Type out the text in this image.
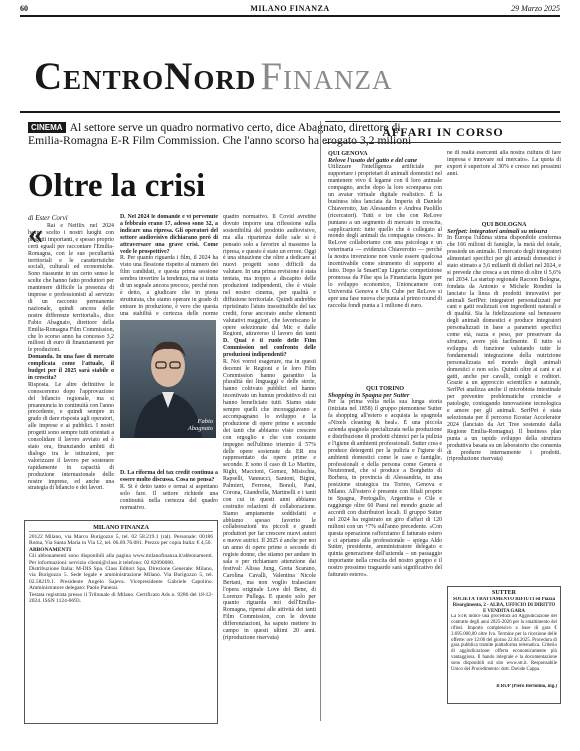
60	MILANO FINANZA	29 Marzo 2025
CentroNord Finanza
CINEMA Al settore serve un quadro normativo certo, dice Abagnato, direttore di Emilia-Romagna E-R Film Commission. Che l'anno scorso ha erogato 3,2 milioni
Oltre la crisi
di Ester Corvi
« Rai e Netflix nel 2024 hanno scelto i nostri luoghi con progetti importanti, e spesso proprio certi eguali per raccontare l'Emilia-Romagna, con le sue peculiarità territoriali e le caratteristiche sociali, culturali ed economiche. Sono riassunte in un certo senso le scelte che hanno fatto produttori per mantenere difficile la presenza di imprese e professionisti al servizio di un racconto permanente nazionale, quindi ancora delle nostre differenze territoriali», dice Fabio Abagnato, direttore della Emilia-Romagna Film Commission, che lo scorso anno ha concesso 3,2 milioni di euro di finanziamenti per le produzioni.

Domanda. In una fase di mercato complicata come l'attuale, il budget per il 2025 sarà stabile o in crescita?

Risposta. Le altre definitive le conosceremo dopo l'approvazione del bilancio regionale, ma si preannuncia in continuità con l'anno precedente, e quindi sempre in grado di dare risposta agli operatori, alle imprese e ai pubblici. I nostri progetti sono sempre tutti orientati a consolidare il lavoro avviato ed è stato ora, finanziando ambiti di dialogo tra le istituzioni, per valorizzare il lavoro per sostenere rapidamente in capacità di produzione internazionale delle nostre imprese, ed anche una strategia di bilancio e dei lavori.

D. Nel 2024 le domande e vi pervenute a febbraio erano 17, adesso sono 32, a indicare una ripresa. Gli operatori del settore audiovisivo dichiarano però di attraversare una grave crisi. Come vede le prospettive?

R. Per quanto riguarda i film, il 2024 ha visto una flessione rispetto al numero dei film candidati, e questa prima sessione sembra invertire la tendenza, ma si tratta di un segnale ancora precoce, perché non è detto, a giudicare che in piena strutturata, che siamo operare in grado di entrare in produzione, è vero che questa una stabilità e certezza delle norme

Fabio Abagnato

D. La riforma del tax credit continua a essere molto discussa. Cosa ne pensa?

R. Si è detto tanto e ormai si aspettano solo fare. Il settore richiede una continuità nella certezza del quadro normativo.

quadro normativo. Il Covid avrebbe dovuto imporre una riflessione sulla sostenibilità del prodotto audiovisivo, ma alla ripartenza delle sale si è pensato solo a favorire al massimo la ripresa, e questo è stato un errore. Oggi è una situazione che oltre a dedicare ai nuovi progetti sono difficili da valutare. In una prima revisione è stata tentata, ma troppo a discapito delle produzioni indipendenti, che è vitale nel nostro cinema, per qualità e diffusione territoriale. Quindi andrebbe ripristinato l'aiuto insostituibile del tax credit, forse ancorato anche elementi valutativi maggiori, che favoriscano le opere selezionate dal Mic e dalle Regioni, attraverso il lavoro dei tanti

D. Qual è il ruolo delle Film Commission nel confronto delle produzioni indipendenti?

R. Noi vorrei esagerare, ma in questi decenni le Regioni e le loro Film Commission hanno garantito la pluralità dei linguaggi e delle storie, hanno coltivato pubblici ed hanno incentivato un humus produttivo di cui hanno beneficiato tutti. Siamo state sempre quelli che incoraggiavano e accompagnano lo sviluppo e la produzione di opere prime e seconde dei tanti che abbiamo visto crescere con orgoglio e che con costante impegno nell'ultimo triennio il 57% delle opere sostenute da ER era rappresentato da opere prime e seconde. E sono il caso di Lo Martire, Righi, Maccioni, Gomez, Misischia, Rapselli, Vannucci, Santoni, Bigini, Palmieri, Ferrone, Bonoli, Pani, Corona, Giandrella, Martinelli e i tanti con cui in questi anni abbiamo costruito relazioni di collaborazione. Siamo ampiamente soddisfatti e abbiamo spesso favorito le collaborazioni tra piccoli e grandi produttori per far crescere nuovi autori e nuove autrici. Il 2025 è anche per noi un anno di opere prime o seconde di registe donne, che stiamo per andare in sala o per richiamare attenzione dai festival: Alissa Jung, Greta Scarano, Carolina Cavalli, Valentina Nicole Bertani, ma non voglio tralasciare l'opera originale Love del Bene, di Lorenzo Pullega. E questo solo per quanto riguarda noi dell'Emilia-Romagna, ripensi alle attività dei tanti Film Commission, con le dovute differenziazioni, ha saputo mettere in campo in questi ultimi 20 anni. (riproduzione riservata)

MILANO FINANZA

20122 Milano, via Marco Burigozzo 5, tel. 02 58.219.1 (ral). Personale: 00186 Roma, Via Santa Maria in Via 12, tel. 06.69.76.081. Prezzo per copia Italia: € 4,50.

ABBONAMENTI

Gli abbonamenti sono disponibili alla pagina www.milanofinanza.it/abbonamenti. Per informazioni: servizio clienti@class.it telefono: 02 82090080.

Distribuzione Italia: M-DIS Spa. Class Editori Spa, Direzione Generale: Milano, via Burigozzo 5. Sede legale e amministrazione Milano. Via Burigozzo 5, tel. 02.58219.1. Presidente Angelo Sajeva. Vicepresidente Gabriele Capolino. Amministratore delegato: Paolo Panerai.

Testata registrata presso il Tribunale di Milano. Certificato Ads n. 9286 del 18-12-2024. ISSN 1124-6693.

AFFARI IN CORSO
QUI GENOVA
Relove l'usato del gatto e del cane

Utilizzare l'intelligenza artificiale per supportare i proprietari di animali domestici nel mantenere vivo il legame con il loro animale compagno, anche dopo la loro scomparsa con un avatar virtuale digitale realistico. È la business idea lanciata da Imperia di Daniele Chiaverotto, Jan Alessandro e Andrea Paolillo (ricercatori). Tutti e tre che con ReLove puntano a un segmento di mercato in crescita, «applicazioni: tutto quello che è collegato al mondo degli animali da compagnia cresce». In ReLove collaboriamo con una psicologa e un veterinaria — evidenzia Chiaverotto — perché la nostra invenzione non vuole essere qualcosa incentivabile come strumento di supporto al lutto. Dopo la SmartCup Liguria: competizione promossa da Filse spa la Finanziaria ligure per lo sviluppo economico, Unioncamere con Università Genova e Ubi Cube per ReLove si apre una fase nuova che punta al primo round di raccolta fondi punta a 1 milione di euro.

ne di realtà esercenti alla nostra cultura di fare impresa e innovare sul mercato». La quota di export è superiore al 30% e cresce nei prossimi anni.

QUI TORINO
Shopping in Spagna per Sutter

Per la prima volta nella sua lunga storia (iniziata nel 1858) il gruppo piemontese Sutter fa shopping all'estero e acquista la spagnola «Nixels cleaning & heal». È una piccola azienda spagnola specializzata nella produzione e distribuzione di prodotti chimici per la pulizia e l'igiene di ambienti professionali. Sutter crea e produce detergenti per la pulizia e l'igiene di ambienti domestici come le case e famiglie, professionali e della persona come Genera e Neutromed, che si produce a Borghetto di Borbera, in provincia di Alessandria, in una posizione strategica tra Torino, Genova e Milano. All'estero è presente con filiali proprie in Spagna, Portogallo, Argentina e Cile e raggiunge oltre 60 Paesi nel mondo grazie ad accordi con distributori locali. Il gruppo Sutter nel 2024 ha registrato un giro d'affari di 120 milioni con un +7% sull'anno precedente. «Con questa operazione rafforziamo il fatturato estero e ci apriamo alla professionale – spiega Aldo Sutter, presidente, amministratore delegato e quinta generazione dell'azienda – un passaggio importante nella crescita del nostro gruppo e il nostro prossimo traguardo sarà significativo del fatturato estero».

QUI BOLOGNA
Serfpet: integratori animali su misura

In Europa l'ultima stima disponibile conferma che 166 milioni di famiglie, la metà del totale, possiede un animale. Il mercato degli integratori alimentari specifici per gli animali domestici è stato stimato a 3,6 miliardi di dollari nel 2024, e si prevede che cresca a un ritmo di oltre il 5,6% nel 2034. La startup regionale Racoon Bologna, fondata da Antonio e Michele Rondini la lanciato la linea di prodotti innovativi per animali SerfPet: integratori personalizzati per cani e gatti realizzati con ingredienti naturali e di qualità. Sia la fidelizzazione sul benessere degli animali domestici e produce integratori personalizzati in base a parametri specifici come età, razza e peso, per preservare da sfruttare, avere più facilmente. Il tutto si sviluppa di funzione valutando tutte le fondamentali integrazione della nutrizione personalizzata nel mondo degli animali domestici e non solo. Quindi oltre ai cani e ai gatti, anche per cavalli, conigli e roditori. Grazie a un approccio scientifico e naturale, SerfPet analizza anche il microbiota intestinale per prevenire problematiche croniche e patologie, coniugando innovazione tecnologica e amore per gli animali. SerfPet è stata selezionata per il percorso Ecostar Accelerator 2024 (lanciato da Art Tree sostenuto dalla Regione Emilia-Romagna). Il business plan punta a un rapido sviluppo della struttura produttiva basata su un laboratorio che consenta di produrre internamente i prodotti. (riproduzione riservata)

SUTTER
SOCIETÀ TRATTAMENTO RIFIUTI ed Piazza Risorgimento, 2 - ALBA, UFFICIO DI DIRITTO E VENDITA GARA
La STR indice una procedura ad Aggiudicazione del contratto degli anni 2025-2026 per lo smaltimento dei rifiuti. Importo complessivo a base di gara € 3.695.000,00 oltre Iva. Termine per la ricezione delle offerte: ore 12:00 del giorno 22.04.2025. Procedura di gara pubblica tramite piattaforma telematica. Criterio di aggiudicazione: offerta economicamente più vantaggiosa. Il bando integrale e la documentazione sono disponibili sul sito www.str.it. Responsabile Unico del Procedimento: dott. Davide Cappa.
Il RUP (Piero Bertolino, ing.)
